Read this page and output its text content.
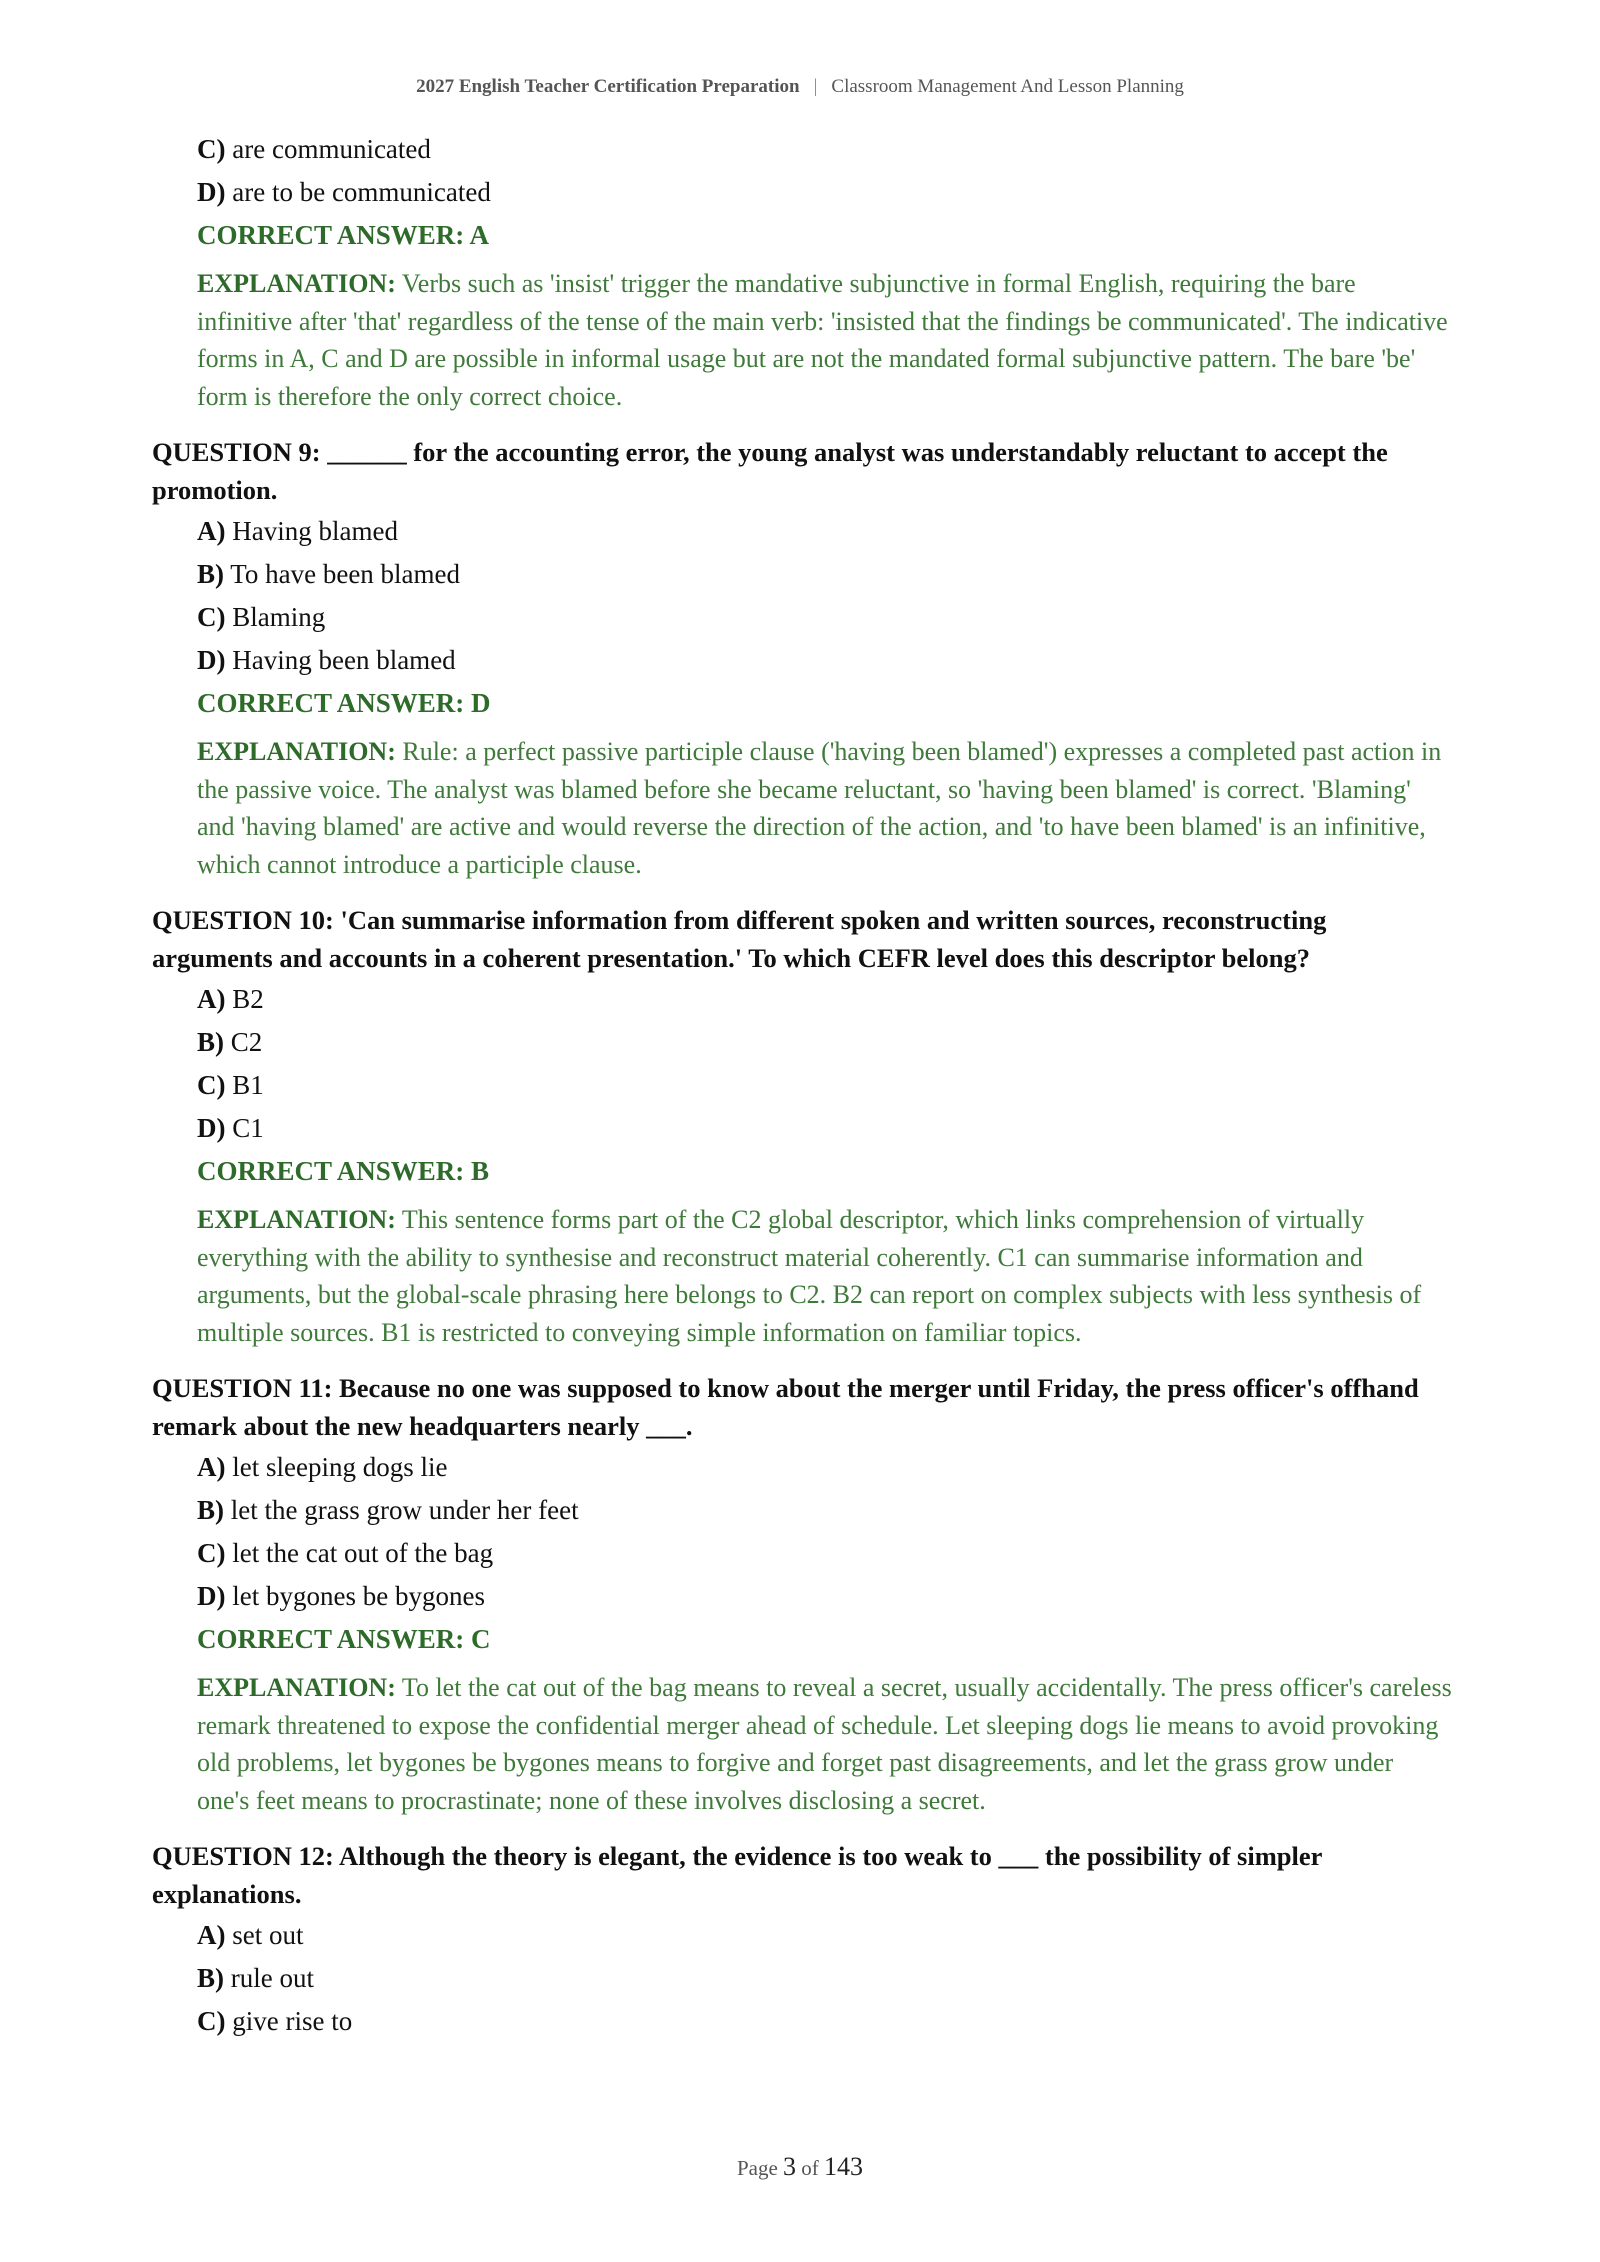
2027 English Teacher Certification Preparation | Classroom Management And Lesson Planning
C) are communicated
D) are to be communicated
CORRECT ANSWER: A
EXPLANATION: Verbs such as 'insist' trigger the mandative subjunctive in formal English, requiring the bare infinitive after 'that' regardless of the tense of the main verb: 'insisted that the findings be communicated'. The indicative forms in A, C and D are possible in informal usage but are not the mandated formal subjunctive pattern. The bare 'be' form is therefore the only correct choice.
QUESTION 9: ______ for the accounting error, the young analyst was understandably reluctant to accept the promotion.
A) Having blamed
B) To have been blamed
C) Blaming
D) Having been blamed
CORRECT ANSWER: D
EXPLANATION: Rule: a perfect passive participle clause ('having been blamed') expresses a completed past action in the passive voice. The analyst was blamed before she became reluctant, so 'having been blamed' is correct. 'Blaming' and 'having blamed' are active and would reverse the direction of the action, and 'to have been blamed' is an infinitive, which cannot introduce a participle clause.
QUESTION 10: 'Can summarise information from different spoken and written sources, reconstructing arguments and accounts in a coherent presentation.' To which CEFR level does this descriptor belong?
A) B2
B) C2
C) B1
D) C1
CORRECT ANSWER: B
EXPLANATION: This sentence forms part of the C2 global descriptor, which links comprehension of virtually everything with the ability to synthesise and reconstruct material coherently. C1 can summarise information and arguments, but the global-scale phrasing here belongs to C2. B2 can report on complex subjects with less synthesis of multiple sources. B1 is restricted to conveying simple information on familiar topics.
QUESTION 11: Because no one was supposed to know about the merger until Friday, the press officer's offhand remark about the new headquarters nearly ___.
A) let sleeping dogs lie
B) let the grass grow under her feet
C) let the cat out of the bag
D) let bygones be bygones
CORRECT ANSWER: C
EXPLANATION: To let the cat out of the bag means to reveal a secret, usually accidentally. The press officer's careless remark threatened to expose the confidential merger ahead of schedule. Let sleeping dogs lie means to avoid provoking old problems, let bygones be bygones means to forgive and forget past disagreements, and let the grass grow under one's feet means to procrastinate; none of these involves disclosing a secret.
QUESTION 12: Although the theory is elegant, the evidence is too weak to ___ the possibility of simpler explanations.
A) set out
B) rule out
C) give rise to
Page 3 of 143
